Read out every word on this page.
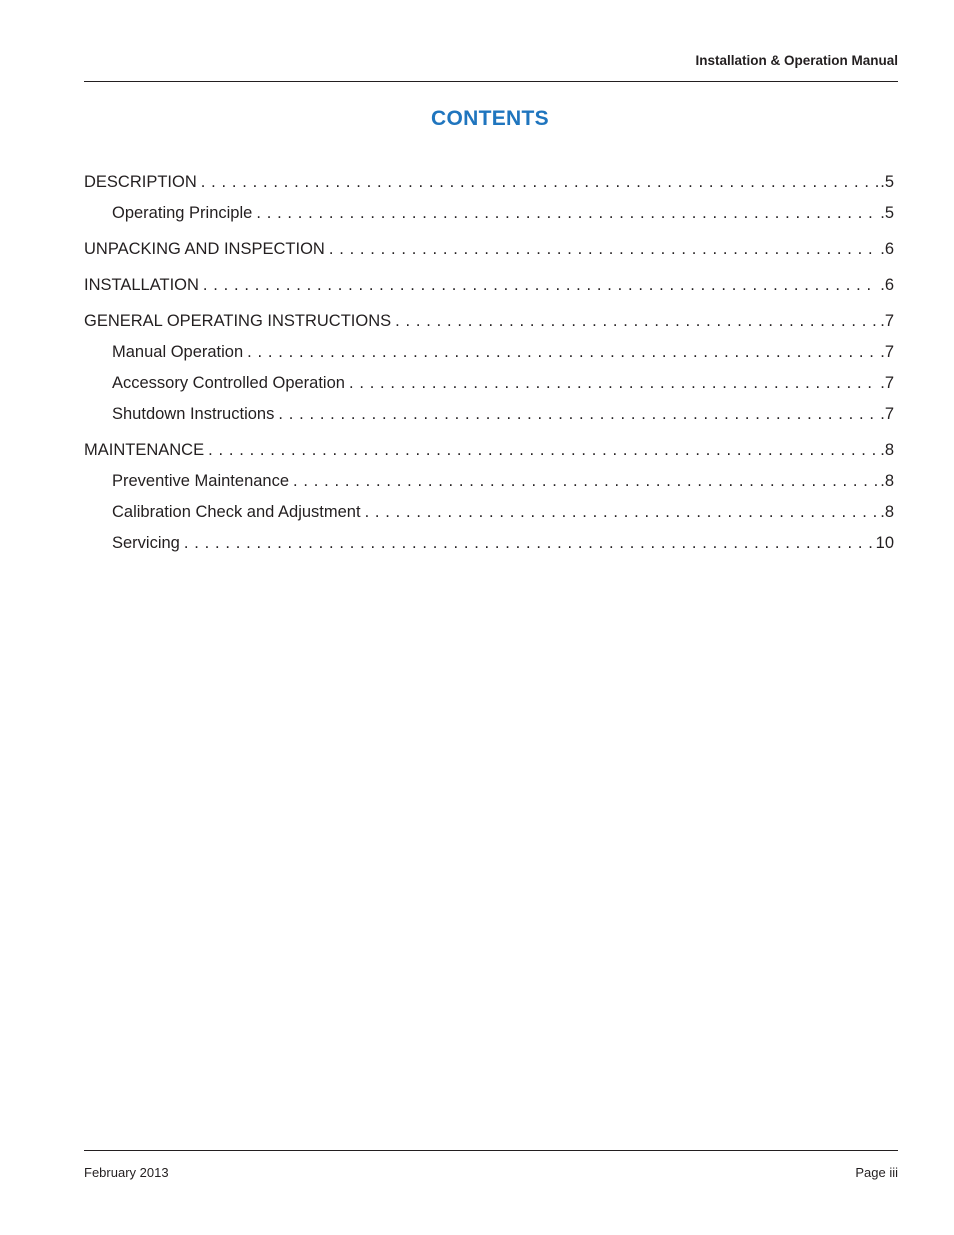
Installation & Operation Manual
CONTENTS
DESCRIPTION . . .	.5
Operating Principle . . .	.5
UNPACKING AND INSPECTION . . .	.6
INSTALLATION . . .	.6
GENERAL OPERATING INSTRUCTIONS . . .	.7
Manual Operation . . .	.7
Accessory Controlled Operation . . .	.7
Shutdown Instructions . . .	.7
MAINTENANCE . . .	.8
Preventive Maintenance . . .	.8
Calibration Check and Adjustment . . .	.8
Servicing . . .	10
February 2013	Page iii
